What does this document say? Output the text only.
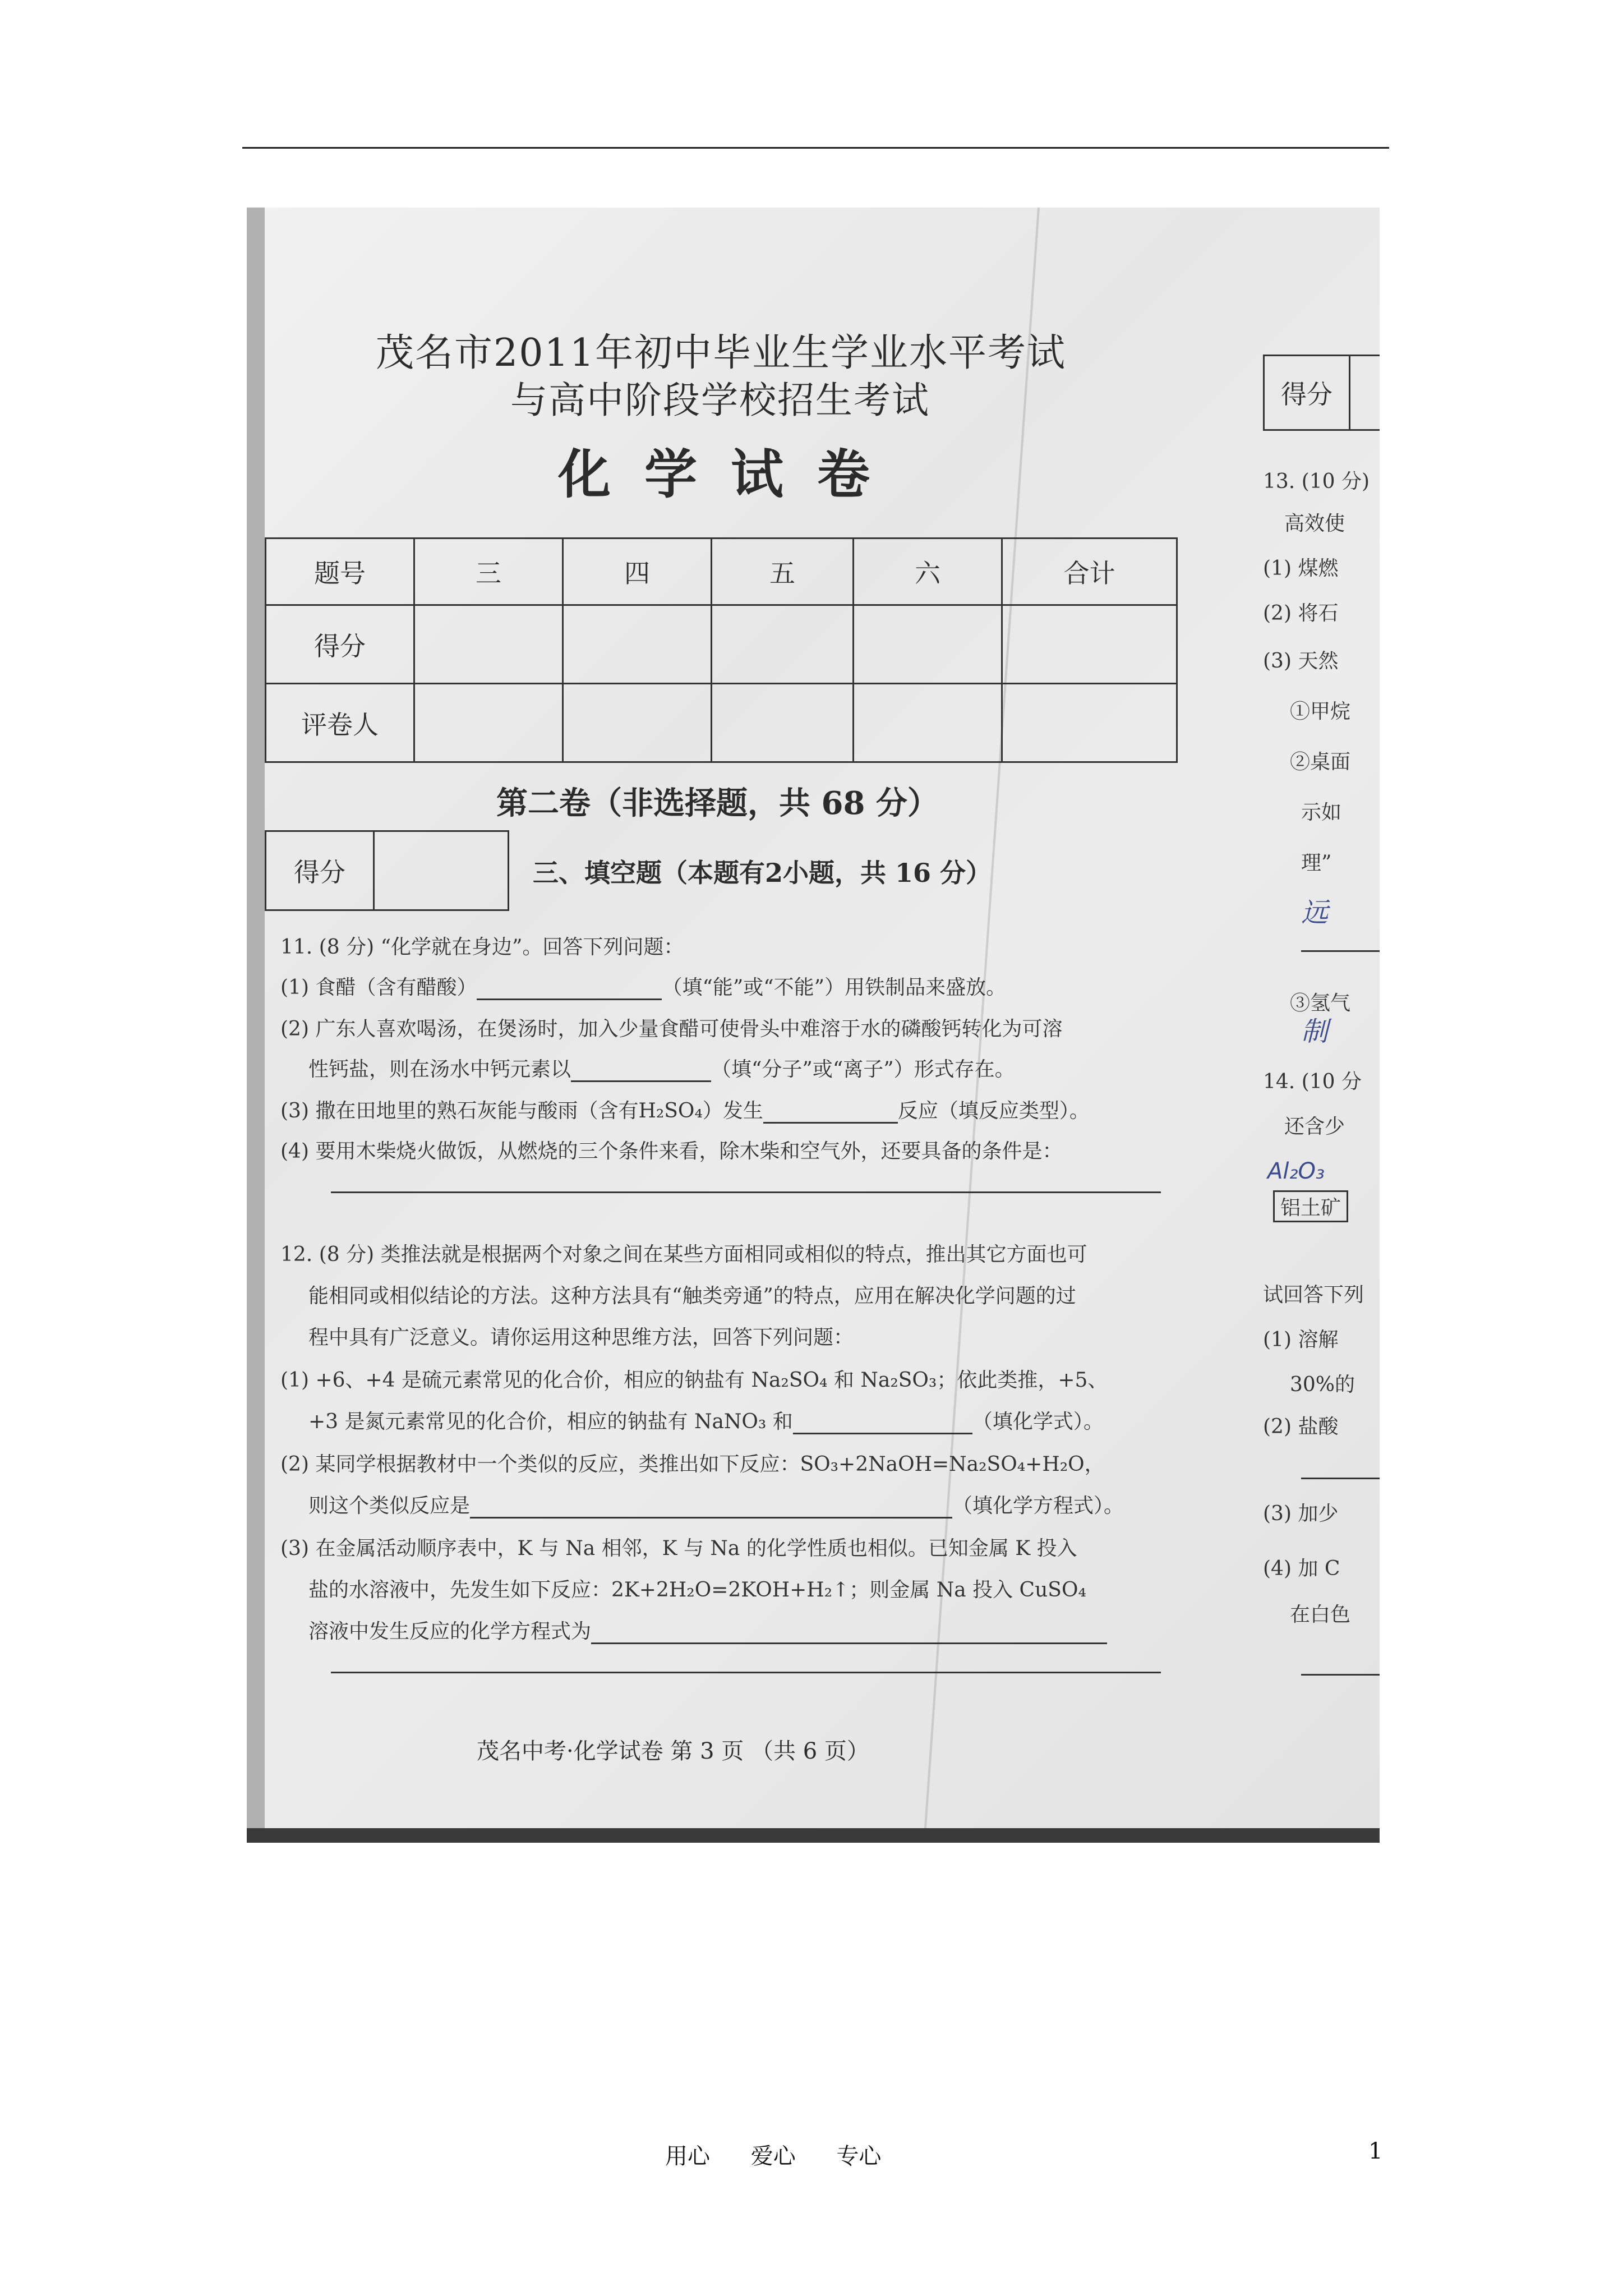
茂名市2011年初中毕业生学业水平考试
与高中阶段学校招生考试
化学试卷
题号	三	四	五	六	合计
得分					
评卷人					
第二卷（非选择题，共 68 分）
得分	三、填空题（本题有2小题，共 16 分）
11. (8 分) “化学就在身边”。回答下列问题：
(1) 食醋（含有醋酸）	（填“能”或“不能”）用铁制品来盛放。
(2) 广东人喜欢喝汤，在煲汤时，加入少量食醋可使骨头中难溶于水的磷酸钙转化为可溶
性钙盐，则在汤水中钙元素以	（填“分子”或“离子”）形式存在。
(3) 撒在田地里的熟石灰能与酸雨（含有H₂SO₄）发生	反应（填反应类型）。
(4) 要用木柴烧火做饭，从燃烧的三个条件来看，除木柴和空气外，还要具备的条件是：
12. (8 分) 类推法就是根据两个对象之间在某些方面相同或相似的特点，推出其它方面也可
能相同或相似结论的方法。这种方法具有“触类旁通”的特点，应用在解决化学问题的过
程中具有广泛意义。请你运用这种思维方法，回答下列问题：
(1) +6、+4 是硫元素常见的化合价，相应的钠盐有 Na₂SO₄ 和 Na₂SO₃；依此类推，+5、
+3 是氮元素常见的化合价，相应的钠盐有 NaNO₃ 和	（填化学式）。
(2) 某同学根据教材中一个类似的反应，类推出如下反应：SO₃+2NaOH=Na₂SO₄+H₂O，
则这个类似反应是	（填化学方程式）。
(3) 在金属活动顺序表中，K 与 Na 相邻，K 与 Na 的化学性质也相似。已知金属 K 投入
盐的水溶液中，先发生如下反应：2K+2H₂O=2KOH+H₂↑；则金属 Na 投入 CuSO₄
溶液中发生反应的化学方程式为
茂名中考·化学试卷 第 3 页 （共 6 页）
得分
13. (10 分)
高效使
(1) 煤燃
(2) 将石
(3) 天然
①甲烷
②桌面
示如
理”
远
③氢气
制
14. (10 分
还含少
Al₂O₃
铝土矿
试回答下列
(1) 溶解
30%的
(2) 盐酸
(3) 加少
(4) 加 C
在白色
用心 爱心 专心	1
